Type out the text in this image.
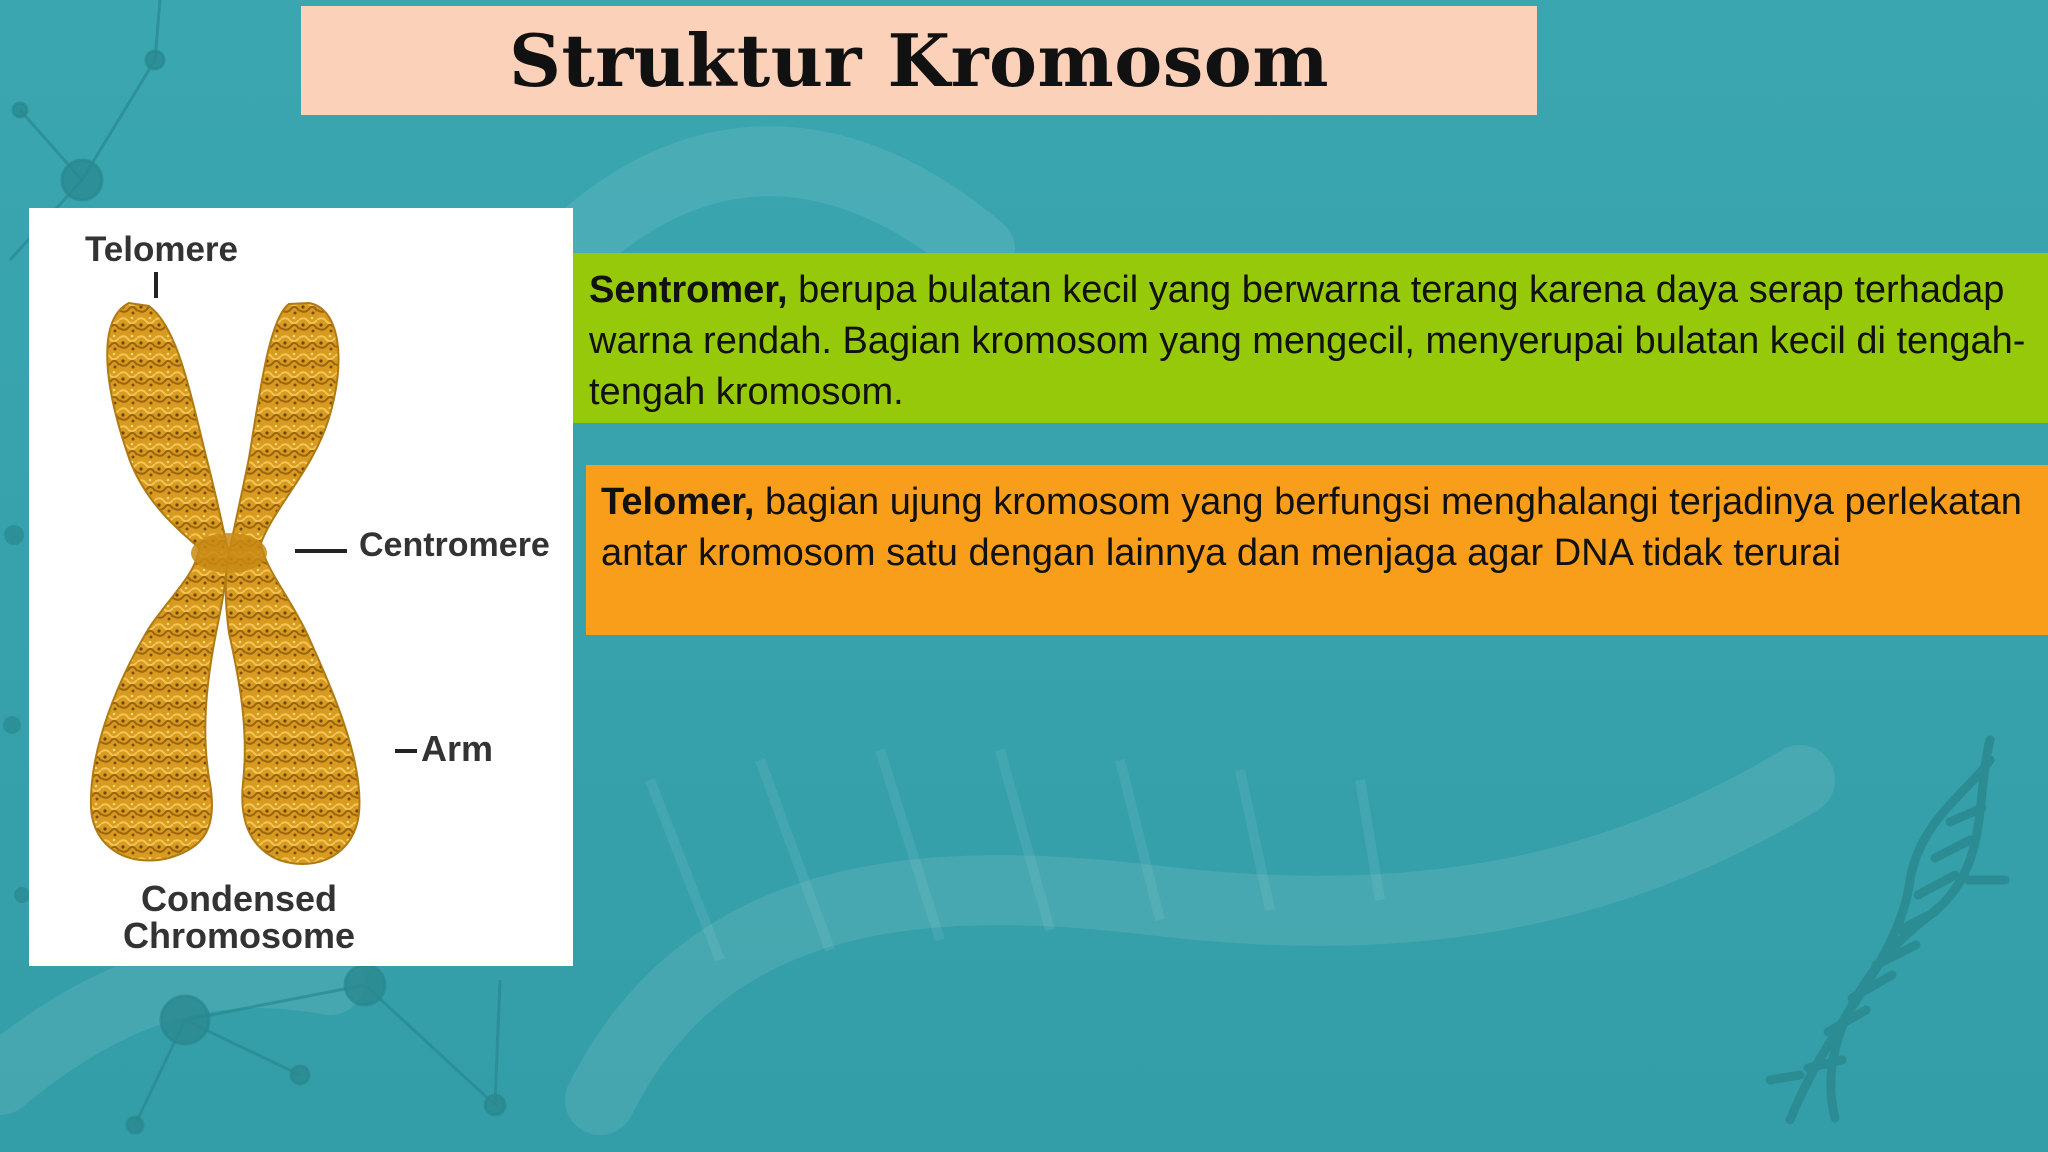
Struktur Kromosom
Telomere
Centromere
Arm
Condensed
Chromosome
Sentromer, berupa bulatan kecil yang berwarna terang karena daya serap terhadap warna rendah. Bagian kromosom yang mengecil, menyerupai bulatan kecil di tengah-tengah kromosom.
Telomer, bagian ujung kromosom yang berfungsi menghalangi terjadinya perlekatan antar kromosom satu dengan lainnya dan menjaga agar DNA tidak terurai
